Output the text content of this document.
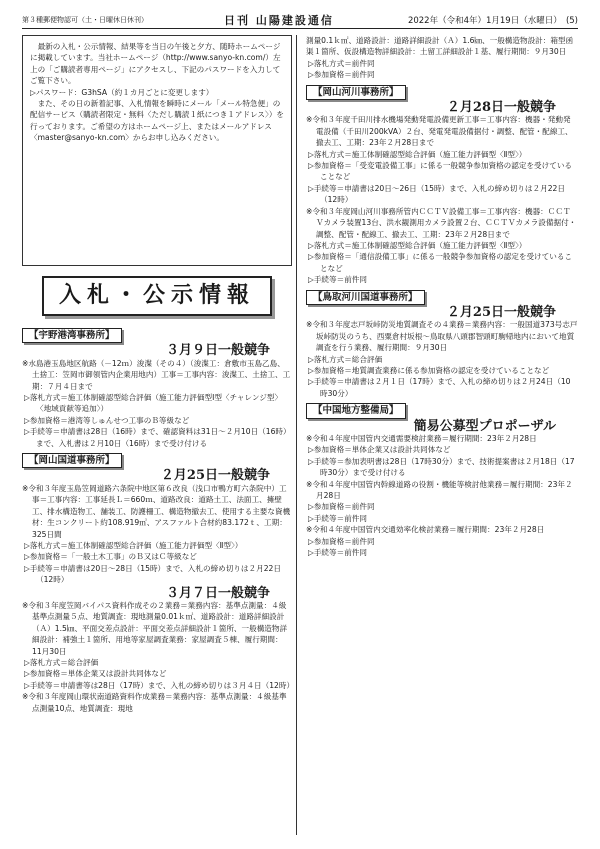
第３種郵便物認可（土・日曜休日休刊）	日刊 山陽建設通信	2022年（令和4年）1月19日（水曜日）　(5)

最新の入札・公示情報、結果等を当日の午後と夕方、随時ホームページに掲載しています。当社ホームページ（http://www.sanyo-kn.com/）左上の「ご購読者専用ページ」にアクセスし、下記のパスワードを入力してご覧下さい。

▷パスワード：G3hSA（約１カ月ごとに変更します）

また、その日の新着記事、入札情報を瞬時にメール「メール特急便」の配信サービス（購読者限定・無料〈ただし購読１紙につき１アドレス〉）を行っております。ご希望の方はホームページ上、またはメールアドレス〈master@sanyo-kn.com〉からお申し込みください。

入札・公示情報
【宇野港湾事務所】
３月９日一般競争

※水島港玉島地区航路（－12ｍ）浚渫（その４）（浚渫工：倉敷市玉島乙島、土捨工：笠岡市御領管内企業用地内）工事＝工事内容：浚渫工、土捨工、工期：７月４日まで

▷落札方式＝施工体制確認型総合評価（施工能力評価型Ⅰ型〈チャレンジ型〉〈地域貢献等追加〉）

▷参加資格＝港湾等しゅんせつ工事のＢ等級など

▷手続等＝申請書は28日（16時）まで、確認資料は31日～２月10日（16時）まで、入札書は２月10日（16時）まで受け付ける

【岡山国道事務所】
２月25日一般競争

※令和３年度玉島笠岡道路六条院中地区第６改良（浅口市鴨方町六条院中）工事＝工事内容：工事延長Ｌ＝660ｍ、道路改良：道路土工、法面工、擁壁工、排水構造物工、舗装工、防護柵工、構造物撤去工、使用する主要な資機材：生コンクリート約108.919㎥、アスファルト合材約83.172ｔ、工期：325日間

▷落札方式＝施工体制確認型総合評価（施工能力評価型〈Ⅱ型〉）

▷参加資格＝「一般土木工事」のＢ又はＣ等級など

▷手続等＝申請書は20日～28日（15時）まで、入札の締め切りは２月22日（12時）

３月７日一般競争

※令和３年度笠岡バイパス資料作成その２業務＝業務内容：基準点測量：４級基準点測量５点、地質調査：現地測量0.01ｋ㎡、道路設計：道路詳細設計（Ａ）1.5㎞、平面交差点設計：平面交差点詳細設計１箇所、一般構造物詳細設計：補強土１箇所、用地等家屋調査業務：家屋調査５棟、履行期間：11月30日

▷落札方式＝総合評価

▷参加資格＝単体企業又は設計共同体など

▷手続等＝申請書等は28日（17時）まで、入札の締め切りは３月４日（12時）

※令和３年度岡山環状南道路資料作成業務＝業務内容：基準点測量：４級基準点測量10点、地質調査：現地

測量0.1ｋ㎡、道路設計：道路詳細設計（Ａ）1.6㎞、一般構造物設計：箱型函渠１箇所、仮設構造物詳細設計：土留工詳細設計１基、履行期間：９月30日

▷落札方式＝前件同

▷参加資格＝前件同

【岡山河川事務所】
２月28日一般競争

※令和３年度千田川排水機場発動発電設備更新工事＝工事内容：機器・発動発電設備（千田川200kVA）２台、発電発電設備据付・調整、配管・配線工、撤去工、工期：23年２月28日まで

▷落札方式＝施工体制確認型総合評価（施工能力評価型〈Ⅱ型〉）

▷参加資格＝「受変電設備工事」に係る一般競争参加資格の認定を受けていることなど

▷手続等＝申請書は20日～26日（15時）まで、入札の締め切りは２月22日（12時）

※令和３年度岡山河川事務所管内ＣＣＴＶ設備工事＝工事内容：機器：ＣＣＴＶカメラ装置13台、洪水観測用カメラ設置２台、ＣＣＴＶカメラ設備据付・調整、配管・配線工、撤去工、工期：23年２月28日まで

▷落札方式＝施工体制確認型総合評価（施工能力評価型〈Ⅱ型〉）

▷参加資格＝「通信設備工事」に係る一般競争参加資格の認定を受けていることなど

▷手続等＝前件同

【鳥取河川国道事務所】
２月25日一般競争

※令和３年度志戸坂峠防災地質調査その４業務＝業務内容：一般国道373号志戸坂峠防災のうち、西粟倉村坂根～鳥取県八頭郡智頭町駒帰地内において地質調査を行う業務、履行期間：９月30日

▷落札方式＝総合評価

▷参加資格＝地質調査業務に係る参加資格の認定を受けていることなど

▷手続等＝申請書は２月１日（17時）まで、入札の締め切りは２月24日（10時30分）

【中国地方整備局】
簡易公募型プロポーザル

※令和４年度中国管内交通需要検討業務＝履行期間：23年２月28日

▷参加資格＝単体企業又は設計共同体など

▷手続等＝参加表明書は28日（17時30分）まで、技術提案書は２月18日（17時30分）まで受け付ける

※令和４年度中国管内幹線道路の役割・機能等検討他業務＝履行期間：23年２月28日

▷参加資格＝前件同

▷手続等＝前件同

※令和４年度中国管内交通効率化検討業務＝履行期間：23年２月28日

▷参加資格＝前件同

▷手続等＝前件同
